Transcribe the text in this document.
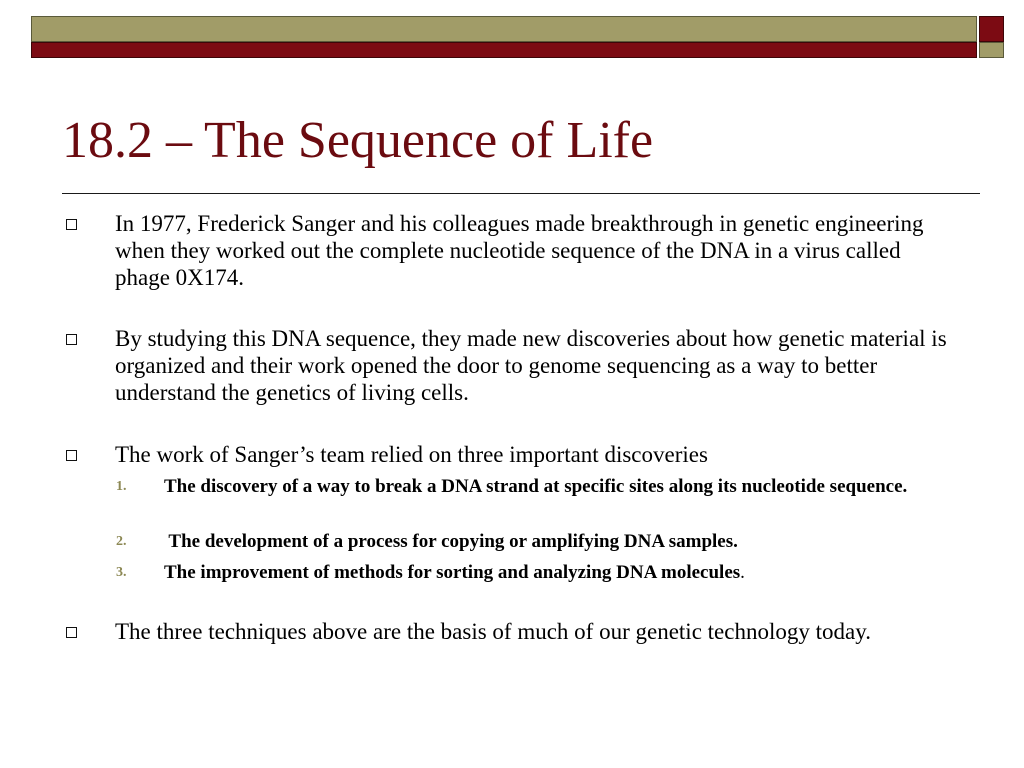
18.2 – The Sequence of Life
In 1977, Frederick Sanger and his colleagues made breakthrough in genetic engineering when they worked out the complete nucleotide sequence of the DNA in a virus called phage 0X174.
By studying this DNA sequence, they made new discoveries about how genetic material is organized and their work opened the door to genome sequencing as a way to better understand the genetics of living cells.
The work of Sanger’s team relied on three important discoveries
1. The discovery of a way to break a DNA strand at specific sites along its nucleotide sequence.
2. The development of a process for copying or amplifying DNA samples.
3. The improvement of methods for sorting and analyzing DNA molecules.
The three techniques above are the basis of much of our genetic technology today.
